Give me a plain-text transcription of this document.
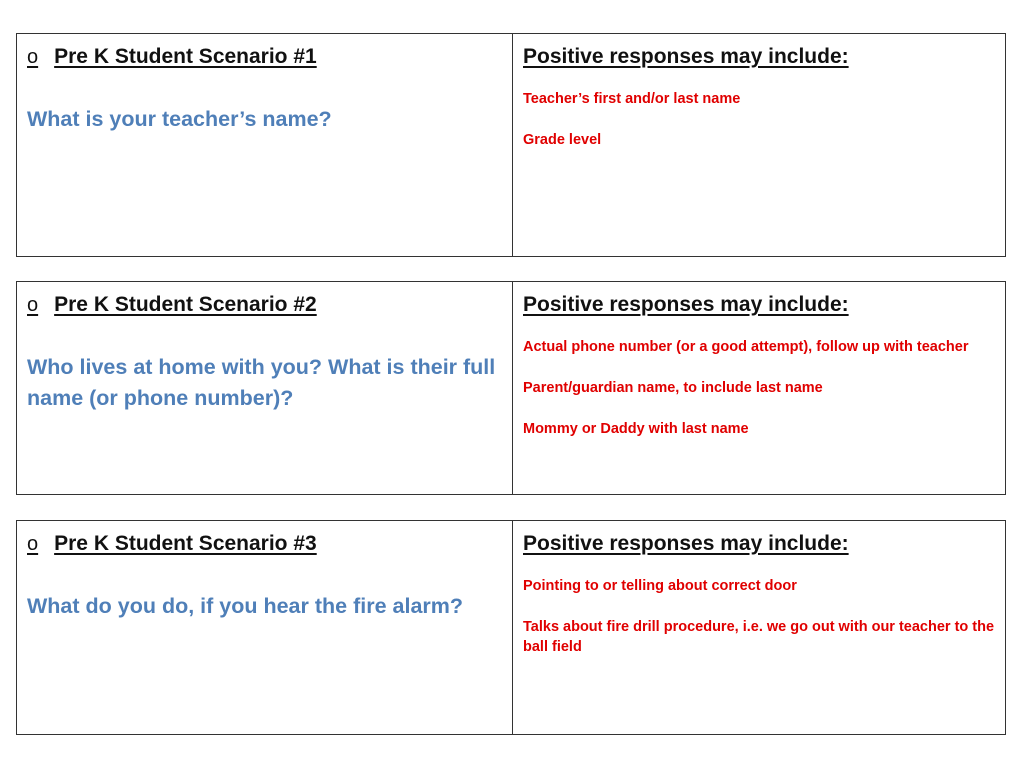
o Pre K Student Scenario #1
What is your teacher’s name?
Positive responses may include:
Teacher’s first and/or last name
Grade level
o Pre K Student Scenario #2
Who lives at home with you? What is their full name (or phone number)?
Positive responses may include:
Actual phone number (or a good attempt), follow up with teacher
Parent/guardian name, to include last name
Mommy or Daddy with last name
o Pre K Student Scenario #3
What do you do, if you hear the fire alarm?
Positive responses may include:
Pointing to or telling about correct door
Talks about fire drill procedure, i.e. we go out with our teacher to the ball field
